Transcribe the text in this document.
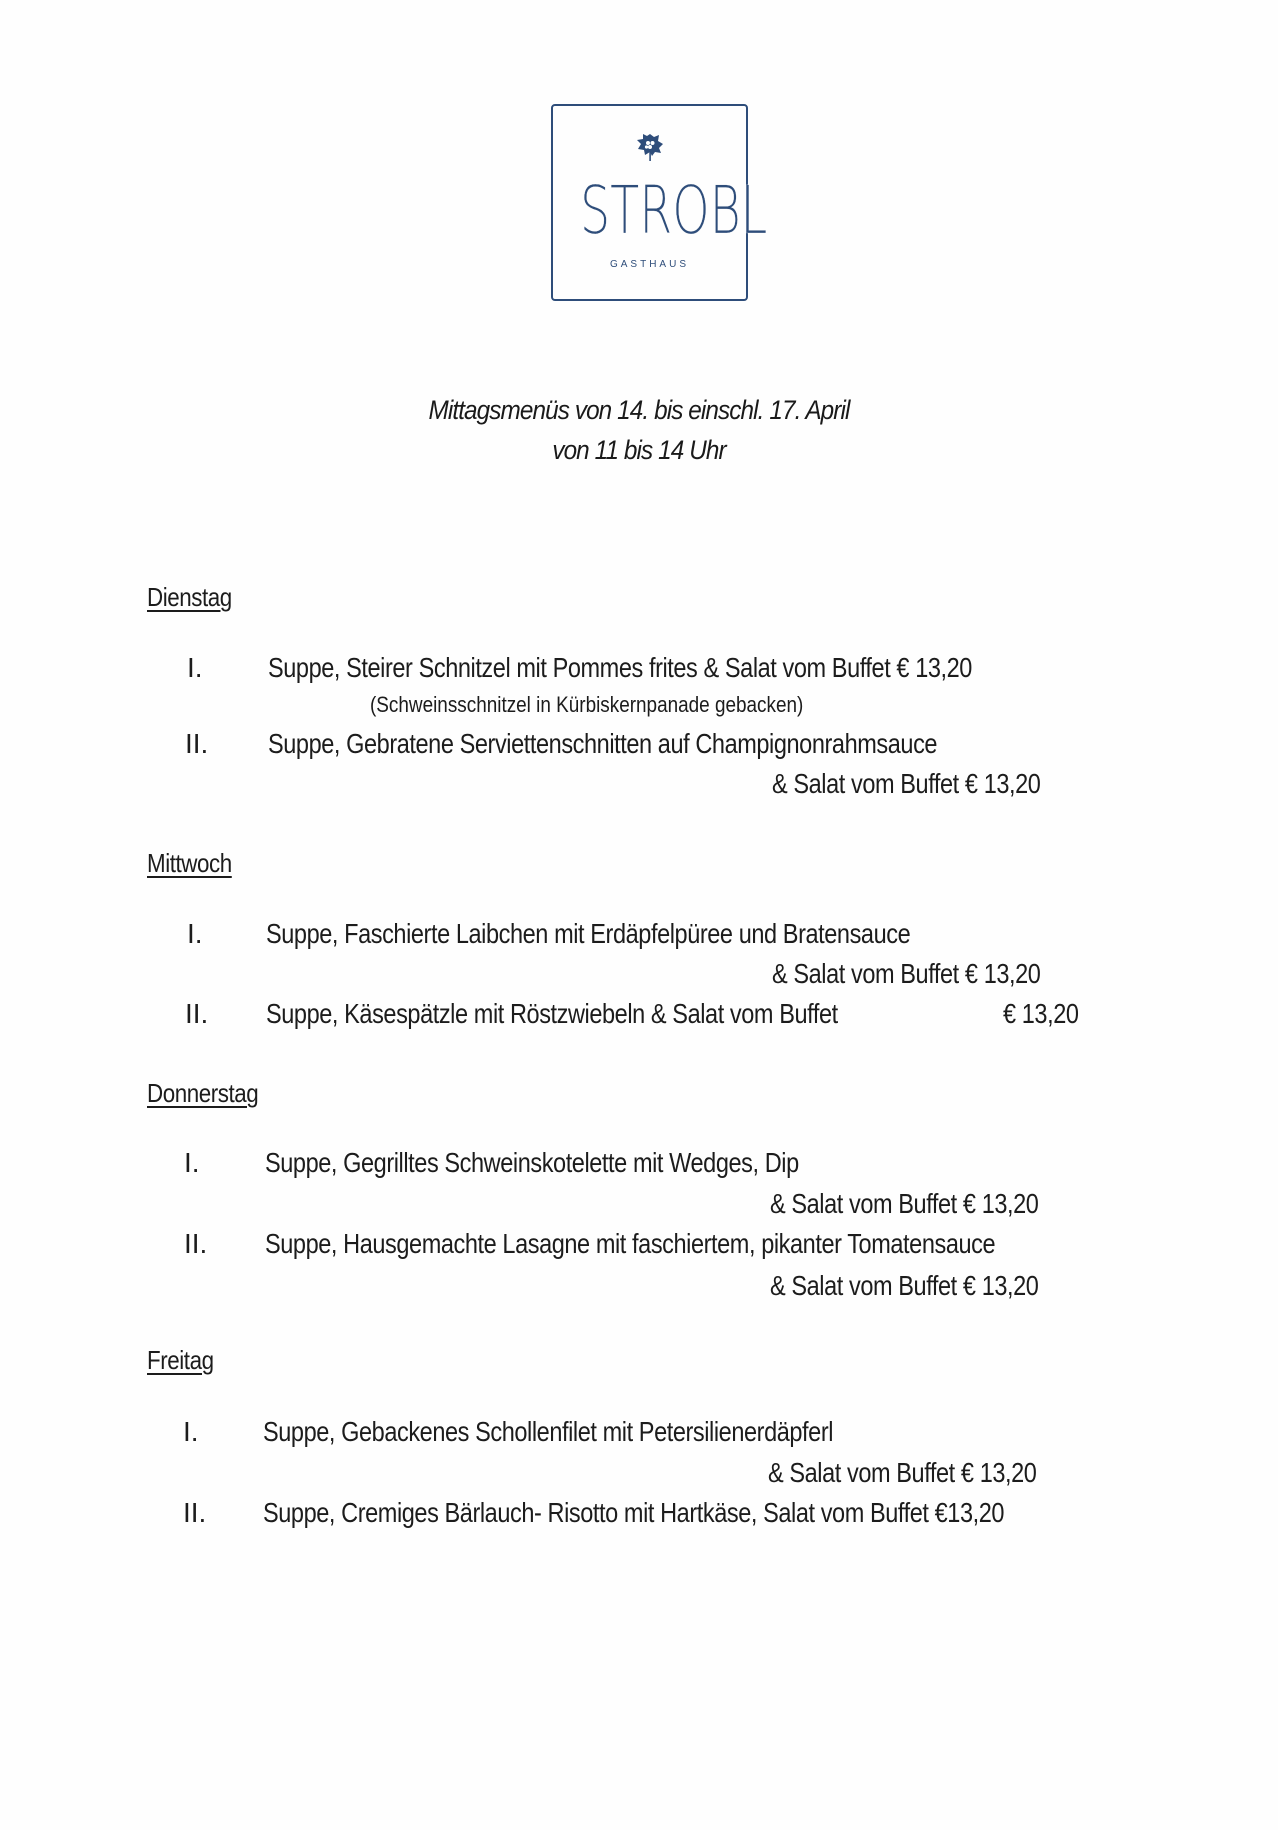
STROBL
GASTHAUS
Mittagsmenüs von 14. bis einschl. 17. April
von 11 bis 14 Uhr
Dienstag
I. Suppe, Steirer Schnitzel mit Pommes frites & Salat vom Buffet € 13,20
(Schweinsschnitzel in Kürbiskernpanade gebacken)
II. Suppe, Gebratene Serviettenschnitten auf Champignonrahmsauce
& Salat vom Buffet € 13,20
Mittwoch
I. Suppe, Faschierte Laibchen mit Erdäpfelpüree und Bratensauce
& Salat vom Buffet € 13,20
II. Suppe, Käsespätzle mit Röstzwiebeln & Salat vom Buffet	€ 13,20
Donnerstag
I. Suppe, Gegrilltes Schweinskotelette mit Wedges, Dip
& Salat vom Buffet € 13,20
II. Suppe, Hausgemachte Lasagne mit faschiertem, pikanter Tomatensauce
& Salat vom Buffet € 13,20
Freitag
I. Suppe, Gebackenes Schollenfilet mit Petersilienerdäpferl
& Salat vom Buffet € 13,20
II. Suppe, Cremiges Bärlauch- Risotto mit Hartkäse, Salat vom Buffet €13,20
